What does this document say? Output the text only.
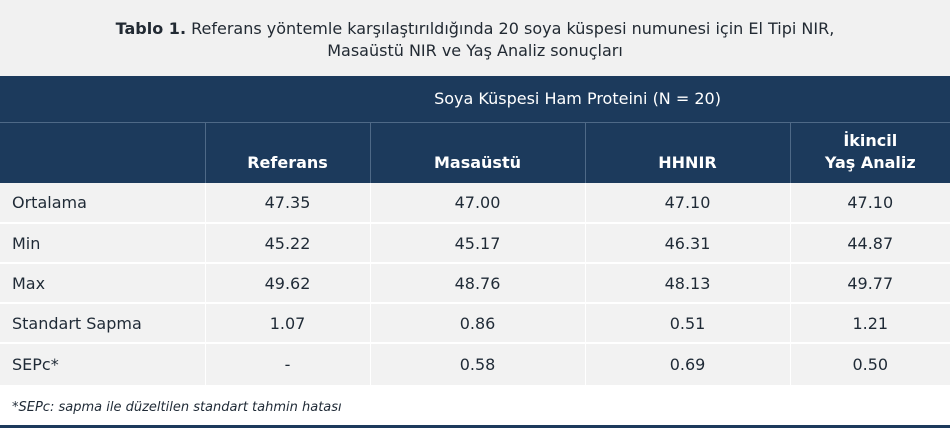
Tablo 1. Referans yöntemle karşılaştırıldığında 20 soya küspesi numunesi için El Tipi NIR,
Masaüstü NIR ve Yaş Analiz sonuçları
	Soya Küspesi Ham Proteini (N = 20)			
	Referans	Masaüstü	HHNIR	İkincil
Yaş Analiz
Ortalama	47.35	47.00	47.10	47.10
Min	45.22	45.17	46.31	44.87
Max	49.62	48.76	48.13	49.77
Standart Sapma	1.07	0.86	0.51	1.21
SEPc*	-	0.58	0.69	0.50
*SEPc: sapma ile düzeltilen standart tahmin hatası
